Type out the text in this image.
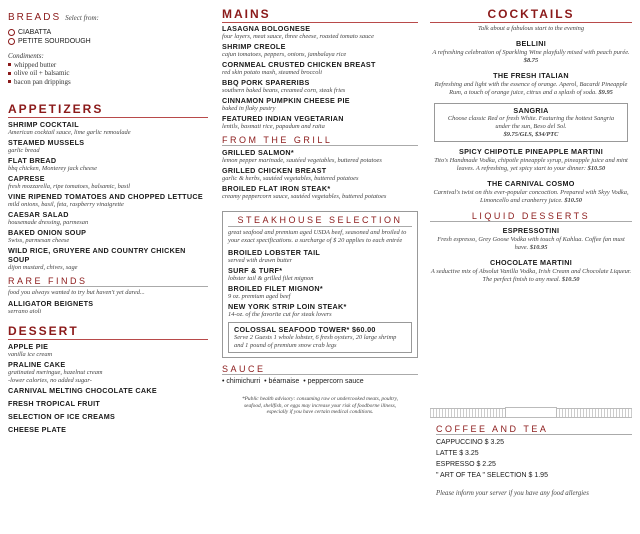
BREADS Select from:
CIABATTA
PETITE SOURDOUGH
Condiments:
whipped butter
olive oil + balsamic
bacon pan drippings
APPETIZERS
SHRIMP COCKTAIL
American cocktail sauce, lime garlic remoulade
STEAMED MUSSELS
garlic bread
FLAT BREAD
bbq chicken, Monterey jack cheese
CAPRESE
fresh mozzarella, ripe tomatoes, balsamic, basil
VINE RIPENED TOMATOES AND CHOPPED LETTUCE
mild onions, basil, feta, raspberry vinaigrette
CAESAR SALAD
housemade dressing, parmesan
BAKED ONION SOUP
Swiss, parmesan cheese
WILD RICE, GRUYERE AND COUNTRY CHICKEN SOUP
dijon mustard, chives, sage
RARE FINDS
food you always wanted to try but haven't yet dared...
ALLIGATOR BEIGNETS
serrano aioli
DESSERT
APPLE PIE
vanilla ice cream
PRALINE CAKE
gratinated meringue, hazelnut cream
-lower calories, no added sugar-
CARNIVAL MELTING CHOCOLATE CAKE
FRESH TROPICAL FRUIT
SELECTION OF ICE CREAMS
CHEESE PLATE
MAINS
LASAGNA BOLOGNESE
four layers, meat sauce, three cheese, roasted tomato sauce
SHRIMP CREOLE
cajun tomatoes, peppers, onions, jambalaya rice
CORNMEAL CRUSTED CHICKEN BREAST
red skin potato mash, steamed broccoli
BBQ PORK SPARERIBS
southern baked beans, creamed corn, steak fries
CINNAMON PUMPKIN CHEESE PIE
baked in flaky pastry
FEATURED INDIAN VEGETARIAN
lentils, basmati rice, papadum and raita
FROM THE GRILL
GRILLED SALMON*
lemon pepper marinade, sautéed vegetables, buttered potatoes
GRILLED CHICKEN BREAST
garlic & herbs, sautéed vegetables, buttered potatoes
BROILED FLAT IRON STEAK*
creamy peppercorn sauce, sautéed vegetables, buttered potatoes
STEAKHOUSE SELECTION
great seafood and premium aged USDA beef, seasoned and broiled to your exact specifications. a surcharge of $ 20 applies to each entrée
BROILED LOBSTER TAIL
served with drawn butter
SURF & TURF*
lobster tail & grilled filet mignon
BROILED FILET MIGNON*
9 oz. premium aged beef
NEW YORK STRIP LOIN STEAK*
14-oz. of the favorite cut for steak lovers
COLOSSAL SEAFOOD TOWER* $60.00
Serve 2 Guests 1 whole lobster, 6 fresh oysters, 20 large shrimp and 1 pound of premium snow crab legs
SAUCE
• chimichurri • béarnaise • peppercorn sauce
*Public health advisory: consuming raw or undercooked meats, poultry, seafood, shellfish, or eggs may increase your risk of foodborne illness, especially if you have certain medical conditions.
COCKTAILS
Talk about a fabulous start to the evening
BELLINI
A refreshing celebration of Sparkling Wine playfully mixed with peach purée. $8.75
THE FRESH ITALIAN
Refreshing and light with the essence of orange. Aperol, Bacardi Pineapple Rum, a touch of orange juice, citrus and a splash of soda. $9.95
SANGRIA
Choose classic Red or fresh White. Featuring the hottest Sangria under the sun, Beso del Sol.
$9.75/GLS, $34/PTC
SPICY CHIPOTLE PINEAPPLE MARTINI
Tito's Handmade Vodka, chipotle pineapple syrup, pineapple juice and mint leaves. A refreshing, yet spicy start to your dinner: $10.50
THE CARNIVAL COSMO
Carnival's twist on this ever-popular concoction. Prepared with Skyy Vodka, Limoncello and cranberry juice. $10.50
LIQUID DESSERTS
ESPRESSOTINI
Fresh espresso, Grey Goose Vodka with touch of Kahlua. Coffee fan must have. $10.95
CHOCOLATE MARTINI
A seductive mix of Absolut Vanilla Vodka, Irish Cream and Chocolate Liqueur. The perfect finish to any meal. $10.50
COFFEE AND TEA
CAPPUCCINO $ 3.25
LATTE $ 3.25
ESPRESSO $ 2.25
" ART OF TEA " SELECTION $ 1.95
Please inform your server if you have any food allergies
